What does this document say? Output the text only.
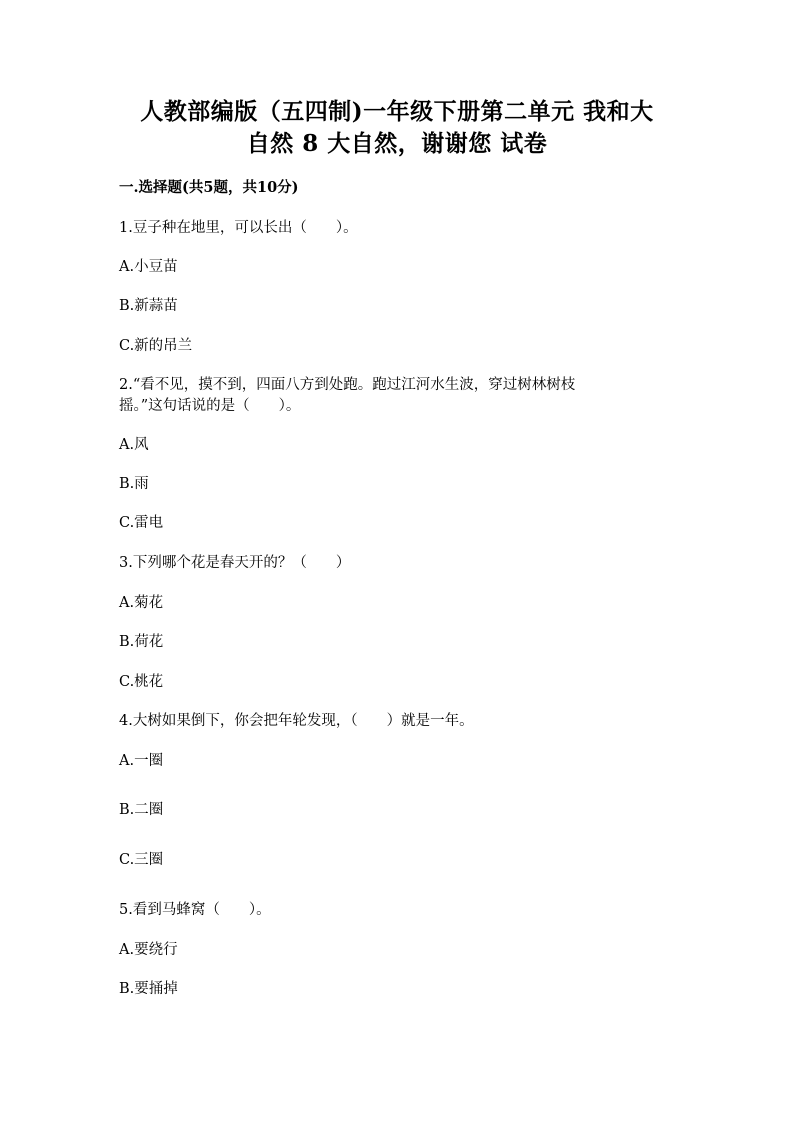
人教部编版（五四制)一年级下册第二单元 我和大
自然 8 大自然，谢谢您 试卷
一.选择题(共5题，共10分)
1.豆子种在地里，可以长出（　　）。
A.小豆苗
B.新蒜苗
C.新的吊兰
2.“看不见，摸不到，四面八方到处跑。跑过江河水生波，穿过树林树枝
摇。”这句话说的是（　　）。
A.风
B.雨
C.雷电
3.下列哪个花是春天开的？（　　）
A.菊花
B.荷花
C.桃花
4.大树如果倒下，你会把年轮发现，（　　）就是一年。
A.一圈
B.二圈
C.三圈
5.看到马蜂窝（　　）。
A.要绕行
B.要捅掉
